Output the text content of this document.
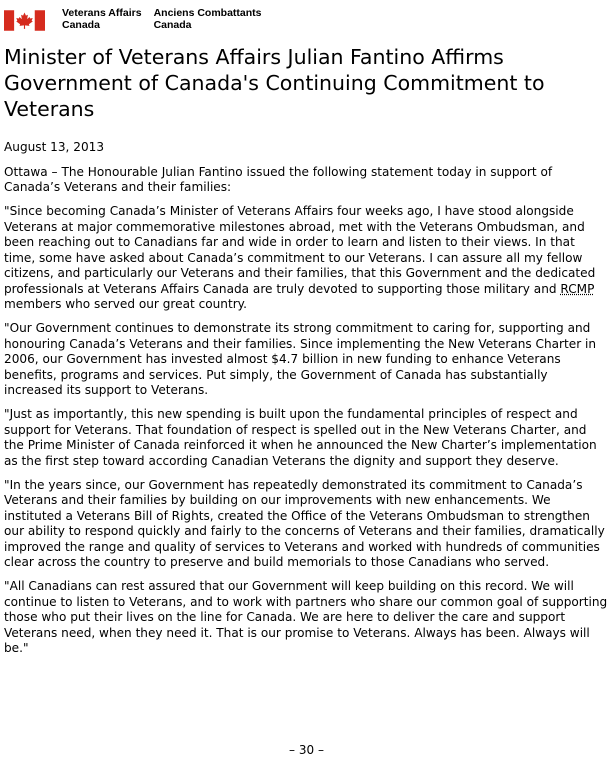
Veterans Affairs
Canada
Anciens Combattants
Canada
Minister of Veterans Affairs Julian Fantino Affirms Government of Canada's Continuing Commitment to Veterans

August 13, 2013

Ottawa – The Honourable Julian Fantino issued the following statement today in support of Canada’s Veterans and their families:

"Since becoming Canada’s Minister of Veterans Affairs four weeks ago, I have stood alongside Veterans at major commemorative milestones abroad, met with the Veterans Ombudsman, and been reaching out to Canadians far and wide in order to learn and listen to their views. In that time, some have asked about Canada’s commitment to our Veterans. I can assure all my fellow citizens, and particularly our Veterans and their families, that this Government and the dedicated professionals at Veterans Affairs Canada are truly devoted to supporting those military and RCMP members who served our great country.

"Our Government continues to demonstrate its strong commitment to caring for, supporting and honouring Canada’s Veterans and their families. Since implementing the New Veterans Charter in 2006, our Government has invested almost $4.7 billion in new funding to enhance Veterans benefits, programs and services. Put simply, the Government of Canada has substantially increased its support to Veterans.

"Just as importantly, this new spending is built upon the fundamental principles of respect and support for Veterans. That foundation of respect is spelled out in the New Veterans Charter, and the Prime Minister of Canada reinforced it when he announced the New Charter’s implementation as the first step toward according Canadian Veterans the dignity and support they deserve.

"In the years since, our Government has repeatedly demonstrated its commitment to Canada’s Veterans and their families by building on our improvements with new enhancements. We instituted a Veterans Bill of Rights, created the Office of the Veterans Ombudsman to strengthen our ability to respond quickly and fairly to the concerns of Veterans and their families, dramatically improved the range and quality of services to Veterans and worked with hundreds of communities clear across the country to preserve and build memorials to those Canadians who served.

"All Canadians can rest assured that our Government will keep building on this record. We will continue to listen to Veterans, and to work with partners who share our common goal of supporting those who put their lives on the line for Canada. We are here to deliver the care and support Veterans need, when they need it. That is our promise to Veterans. Always has been. Always will be."

– 30 –
